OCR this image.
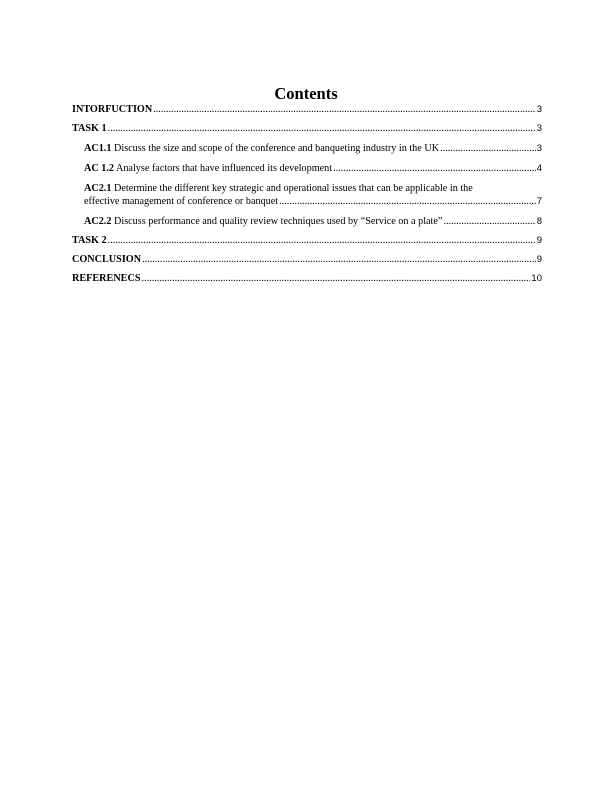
Contents
INTORFUCTION .....	3
TASK 1 .....	3
AC1.1 Discuss the size and scope of the conference and banqueting industry in the UK .....	3
AC 1.2 Analyse factors that have influenced its development .....	4
AC2.1 Determine the different key strategic and operational issues that can be applicable in the
effective management of conference or banquet .....	7
AC2.2 Discuss performance and quality review techniques used by “Service on a plate” .....	8
TASK 2 .....	9
CONCLUSION .....	9
REFERENECS .....	10
